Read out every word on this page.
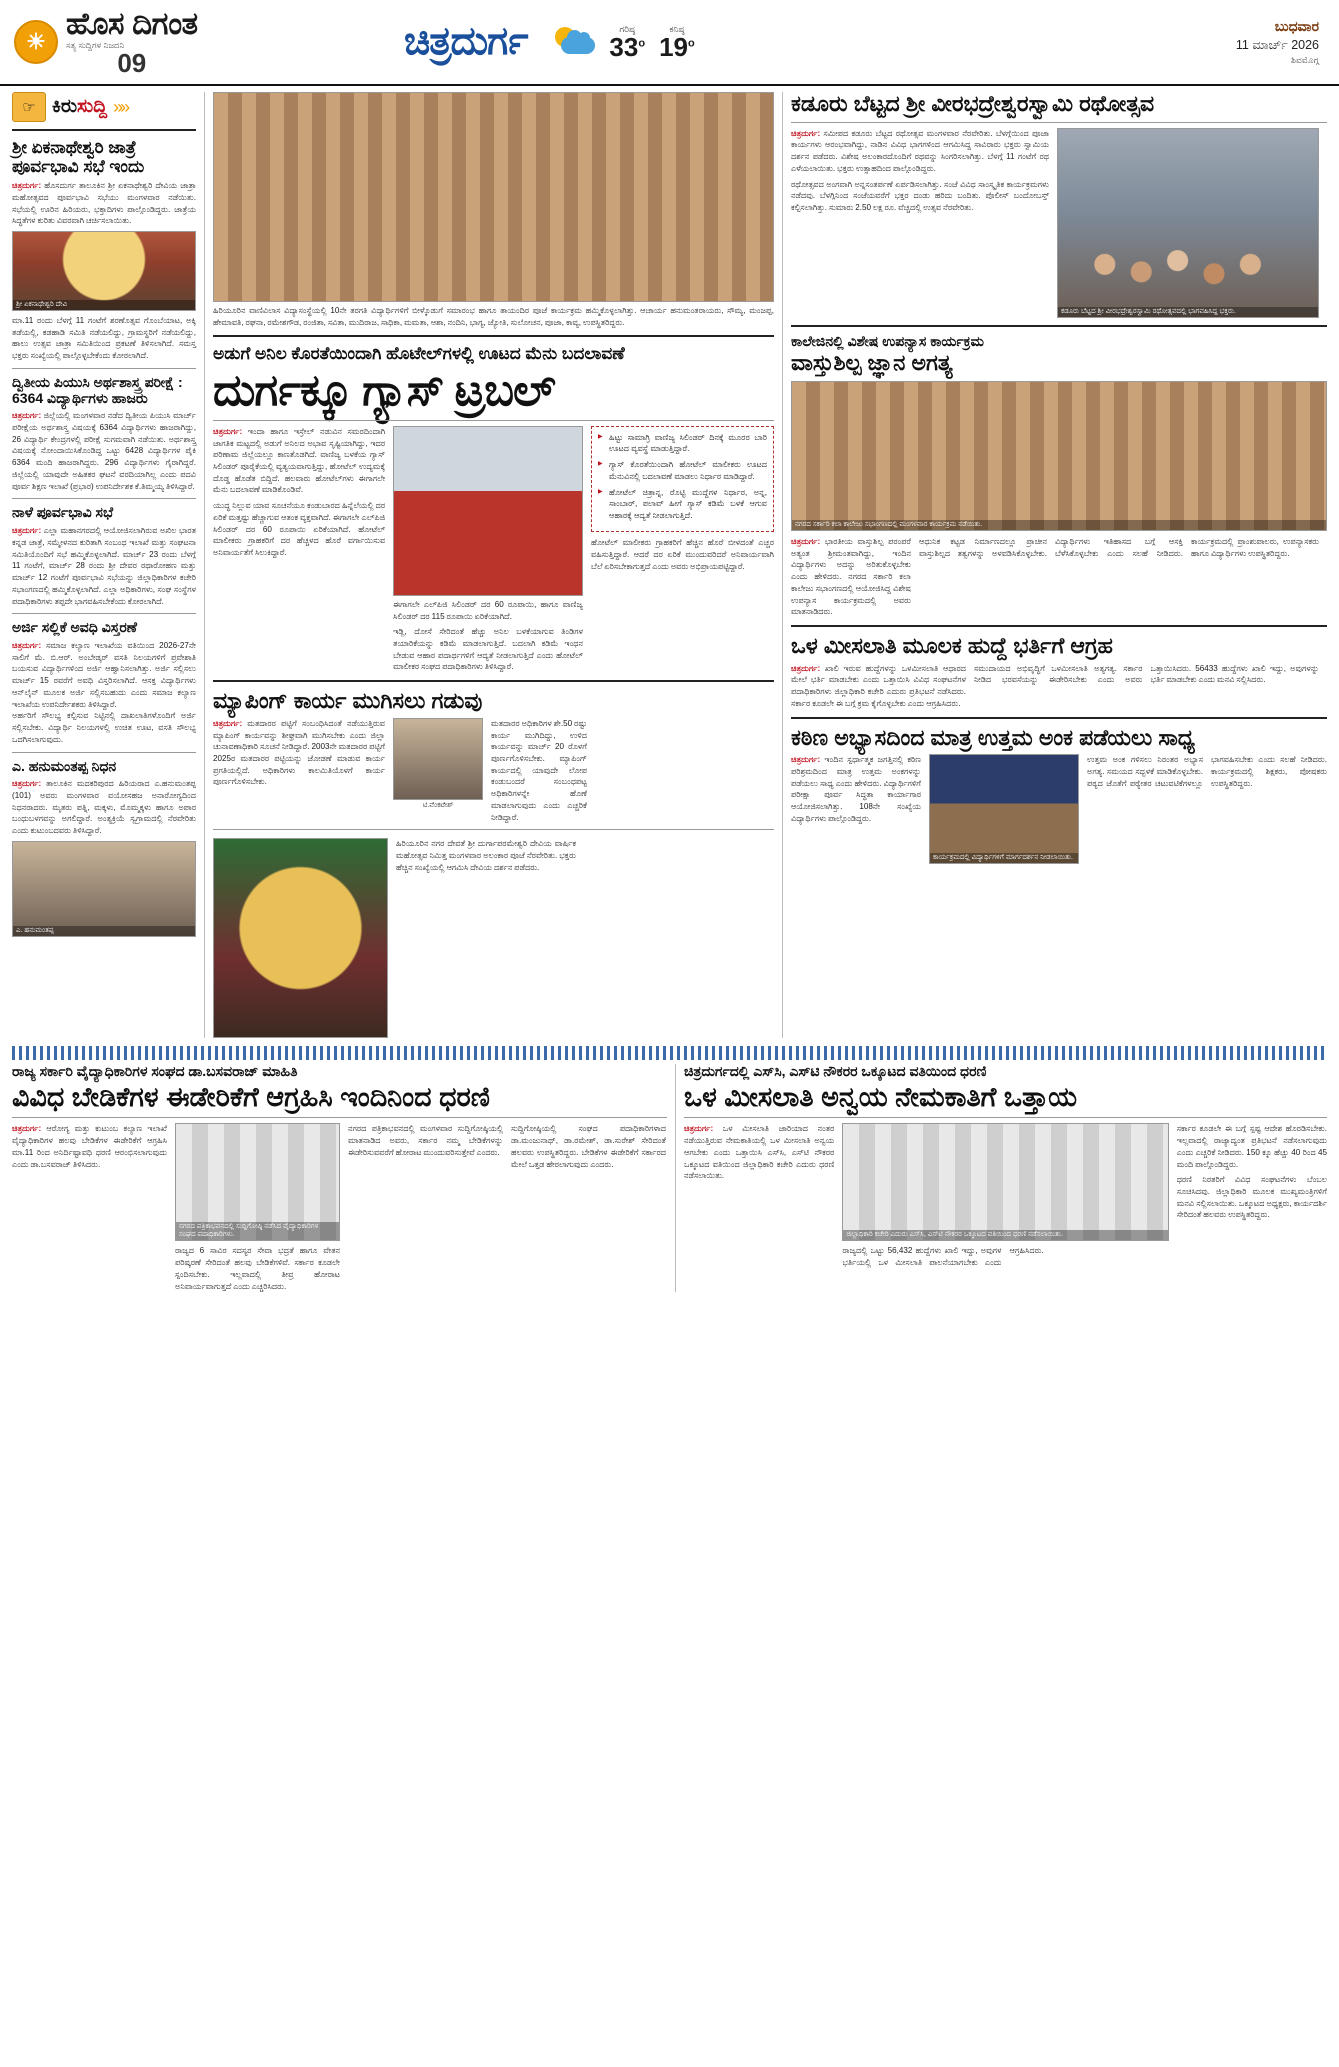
☀
ಹೊಸ ದಿಗಂತ
ಸತ್ಯ ಸುದ್ದಿಗಳ ನಿಜದನಿ
09	ಚಿತ್ರದುರ್ಗ	ಗರಿಷ್ಠ
33$^o$
ಕನಿಷ್ಠ
19$^o$
ಬುಧವಾರ
11 ಮಾರ್ಚ್ 2026
ಶಿವಮೊಗ್ಗ
☞ ಕಿರುಸುದ್ದಿ »»
ಶ್ರೀ ಏಕನಾಥೇಶ್ವರಿ ಜಾತ್ರೆ ಪೂರ್ವಭಾವಿ ಸಭೆ ಇಂದು
ಚಿತ್ರದುರ್ಗ: ಹೊಸದುರ್ಗ ತಾಲೂಕಿನ ಶ್ರೀ ಏಕನಾಥೇಶ್ವರಿ ದೇವಿಯ ಜಾತ್ರಾ ಮಹೋತ್ಸವದ ಪೂರ್ವಭಾವಿ ಸಭೆಯು ಮಂಗಳವಾರ ನಡೆಯಿತು. ಸಭೆಯಲ್ಲಿ ಊರಿನ ಹಿರಿಯರು, ಭಕ್ತಾದಿಗಳು ಪಾಲ್ಗೊಂಡಿದ್ದರು. ಜಾತ್ರೆಯ ಸಿದ್ಧತೆಗಳ ಕುರಿತು ವಿವರವಾಗಿ ಚರ್ಚಿಸಲಾಯಿತು.
ಶ್ರೀ ಏಕನಾಥೇಶ್ವರಿ ದೇವಿ
ಮಾ.11 ರಂದು ಬೆಳಗ್ಗೆ 11 ಗಂಟೆಗೆ ಶರಣೊತ್ಸವ ಗೊಂಬೆಯಾಟ, ಅಕ್ಕಿ ತಡೆಯಲ್ಲಿ, ಕಡಹಾಡಿ ಸಮಿತಿ ನಡೆಯಲಿದ್ದು, ಗ್ರಾಮಸ್ಥರಿಗೆ ನಡೆಯಲಿದ್ದು, ಹಾಲು ಉತ್ಸವ ಜಾತ್ರಾ ಸಮಿತಿಯಿಂದ ಪ್ರಕಟಣೆ ತಿಳಿಸಲಾಗಿದೆ. ಸಮಸ್ತ ಭಕ್ತರು ಸಂಖ್ಯೆಯಲ್ಲಿ ಪಾಲ್ಗೊಳ್ಳಬೇಕೆಂದು ಕೋರಲಾಗಿದೆ.
ದ್ವಿತೀಯ ಪಿಯುಸಿ ಅರ್ಥಶಾಸ್ತ್ರ ಪರೀಕ್ಷೆ : 6364 ವಿದ್ಯಾರ್ಥಿಗಳು ಹಾಜರು
ಚಿತ್ರದುರ್ಗ: ಜಿಲ್ಲೆಯಲ್ಲಿ ಮಂಗಳವಾರ ನಡೆದ ದ್ವಿತೀಯ ಪಿಯುಸಿ ಮಾರ್ಚ್ ಪರೀಕ್ಷೆಯ ಅರ್ಥಶಾಸ್ತ್ರ ವಿಷಯಕ್ಕೆ 6364 ವಿದ್ಯಾರ್ಥಿಗಳು ಹಾಜರಾಗಿದ್ದು, 26 ವಿದ್ಯಾರ್ಥಿ ಕೇಂದ್ರಗಳಲ್ಲಿ ಪರೀಕ್ಷೆ ಸುಗಮವಾಗಿ ನಡೆಯಿತು. ಅರ್ಥಶಾಸ್ತ್ರ ವಿಷಯಕ್ಕೆ ನೋಂದಾಯಿಸಿಕೊಂಡಿದ್ದ ಒಟ್ಟು 6428 ವಿದ್ಯಾರ್ಥಿಗಳ ಪೈಕಿ 6364 ಮಂದಿ ಹಾಜರಾಗಿದ್ದರು. 296 ವಿದ್ಯಾರ್ಥಿಗಳು ಗೈರಾಗಿದ್ದರೆ. ಜಿಲ್ಲೆಯಲ್ಲಿ ಯಾವುದೇ ಅಹಿತಕರ ಘಟನೆ ವರದಿಯಾಗಿಲ್ಲ ಎಂದು ಪದವಿ ಪೂರ್ವ ಶಿಕ್ಷಣ ಇಲಾಖೆ (ಪ್ರಭಾರ) ಉಪನಿರ್ದೇಶಕ ಕೆ.ತಿಮ್ಮಯ್ಯ ತಿಳಿಸಿದ್ದಾರೆ.
ನಾಳೆ ಪೂರ್ವಭಾವಿ ಸಭೆ
ಚಿತ್ರದುರ್ಗ: ಎಲ್ಲಾ ಮಹಾನಗರದಲ್ಲಿ ಆಯೋಜಿಸಲಾಗಿರುವ ಅಖಿಲ ಭಾರತ ಕನ್ನಡ ಜಾತ್ರೆ, ಸಮ್ಮೇಳನದ ಕುರಿತಾಗಿ ಸಂಬಂಧ ಇಲಾಖೆ ಮತ್ತು ಸಂಘಟನಾ ಸಮಿತಿಯೊಂದಿಗೆ ಸಭೆ ಹಮ್ಮಿಕೊಳ್ಳಲಾಗಿದೆ. ಮಾರ್ಚ್ 23 ರಂದು ಬೆಳಗ್ಗೆ 11 ಗಂಟೆಗೆ, ಮಾರ್ಚ್ 28 ರಂದು ಶ್ರೀ ದೇವರ ರಥಾರೋಹಣ ಮತ್ತು ಮಾರ್ಚ್ 12 ಗಂಟೆಗೆ ಪೂರ್ವಭಾವಿ ಸಭೆಯನ್ನು ಜಿಲ್ಲಾಧಿಕಾರಿಗಳ ಕಚೇರಿ ಸಭಾಂಗಣದಲ್ಲಿ ಹಮ್ಮಿಕೊಳ್ಳಲಾಗಿದೆ. ಎಲ್ಲಾ ಅಧಿಕಾರಿಗಳು, ಸಂಘ ಸಂಸ್ಥೆಗಳ ಪದಾಧಿಕಾರಿಗಳು ತಪ್ಪದೇ ಭಾಗವಹಿಸಬೇಕೆಂದು ಕೋರಲಾಗಿದೆ.
ಅರ್ಜಿ ಸಲ್ಲಿಕೆ ಅವಧಿ ವಿಸ್ತರಣೆ
ಚಿತ್ರದುರ್ಗ: ಸಮಾಜ ಕಲ್ಯಾಣ ಇಲಾಖೆಯ ವತಿಯಿಂದ 2026-27ನೇ ಸಾಲಿಗೆ ಮೆ. ಬಿ.ಆರ್. ಅಂಬೇಡ್ಕರ್ ವಸತಿ ನಿಲಯಗಳಿಗೆ ಪ್ರವೇಶಾತಿ ಬಯಸುವ ವಿದ್ಯಾರ್ಥಿಗಳಿಂದ ಅರ್ಜಿ ಆಹ್ವಾನಿಸಲಾಗಿತ್ತು. ಅರ್ಜಿ ಸಲ್ಲಿಸಲು ಮಾರ್ಚ್ 15 ರವರೆಗೆ ಅವಧಿ ವಿಸ್ತರಿಸಲಾಗಿದೆ. ಆಸಕ್ತ ವಿದ್ಯಾರ್ಥಿಗಳು ಆನ್‌ಲೈನ್ ಮೂಲಕ ಅರ್ಜಿ ಸಲ್ಲಿಸಬಹುದು ಎಂದು ಸಮಾಜ ಕಲ್ಯಾಣ ಇಲಾಖೆಯ ಉಪನಿರ್ದೇಶಕರು ತಿಳಿಸಿದ್ದಾರೆ.
ಅರ್ಹರಿಗೆ ಸೌಲಭ್ಯ ಕಲ್ಪಿಸುವ ನಿಟ್ಟಿನಲ್ಲಿ ದಾಖಲಾತಿಗಳೊಂದಿಗೆ ಅರ್ಜಿ ಸಲ್ಲಿಸಬೇಕು. ವಿದ್ಯಾರ್ಥಿ ನಿಲಯಗಳಲ್ಲಿ ಉಚಿತ ಊಟ, ವಸತಿ ಸೌಲಭ್ಯ ಒದಗಿಸಲಾಗುವುದು.
ಎ. ಹನುಮಂತಪ್ಪ ನಿಧನ
ಚಿತ್ರದುರ್ಗ: ತಾಲೂಕಿನ ಮದಕರಿಪುರದ ಹಿರಿಯರಾದ ಎ.ಹನುಮಂತಪ್ಪ (101) ಅವರು ಮಂಗಳವಾರ ವಯೋಸಹಜ ಅನಾರೋಗ್ಯದಿಂದ ನಿಧನರಾದರು. ಮೃತರು ಪತ್ನಿ, ಮಕ್ಕಳು, ಮೊಮ್ಮಕ್ಕಳು ಹಾಗೂ ಅಪಾರ ಬಂಧುಬಳಗವನ್ನು ಅಗಲಿದ್ದಾರೆ. ಅಂತ್ಯಕ್ರಿಯೆ ಸ್ವಗ್ರಾಮದಲ್ಲಿ ನೆರವೇರಿತು ಎಂದು ಕುಟುಂಬದವರು ತಿಳಿಸಿದ್ದಾರೆ.
ಎ. ಹನುಮಂತಪ್ಪ
ಹಿರಿಯೂರಿನ ವಾಣಿವಿಲಾಸ ವಿದ್ಯಾಸಂಸ್ಥೆಯಲ್ಲಿ 10ನೇ ತರಗತಿ ವಿದ್ಯಾರ್ಥಿಗಳಿಗೆ ಬೀಳ್ಕೊಡುಗೆ ಸಮಾರಂಭ ಹಾಗೂ ತಾಯಂದಿರ ಪೂಜೆ ಕಾರ್ಯಕ್ರಮ ಹಮ್ಮಿಕೊಳ್ಳಲಾಗಿತ್ತು. ಆಚಾರ್ಯ ಹನುಮಂತರಾಯರು, ಸೌಮ್ಯ, ಮಂಜಪ್ಪ, ಹೇಮಾವತಿ, ರಘನಾ, ರಮೇಶಗೌಡ, ರಂಜಿತಾ, ಸವಿತಾ, ಮುದಿರಾಜ, ಸಾಧಿಕಾ, ಮಮತಾ, ಆಶಾ, ನಂದಿನಿ, ಭಾಗ್ಯ, ಜ್ಯೋತಿ, ಸುಲೋಚನ, ಪೂಜಾ, ಕಾವ್ಯ, ಉಪಸ್ಥಿತರಿದ್ದರು.
ಅಡುಗೆ ಅನಿಲ ಕೊರತೆಯಿಂದಾಗಿ ಹೊಟೇಲ್‌ಗಳಲ್ಲಿ ಊಟದ ಮೆನು ಬದಲಾವಣೆ
ದುರ್ಗಕ್ಕೂ ಗ್ಯಾಸ್ ಟ್ರಬಲ್
ಚಿತ್ರದುರ್ಗ: ಇಂದಾ ಹಾಗೂ ಇಸ್ರೇಲ್ ನಡುವಿನ ಸಮರದಿಂದಾಗಿ ಜಾಗತಿಕ ಮಟ್ಟದಲ್ಲಿ ಅಡುಗೆ ಅನಿಲದ ಅಭಾವ ಸೃಷ್ಟಿಯಾಗಿದ್ದು, ಇದರ ಪರಿಣಾಮ ಜಿಲ್ಲೆಯಲ್ಲೂ ಕಾಣತೊಡಗಿದೆ. ವಾಣಿಜ್ಯ ಬಳಕೆಯ ಗ್ಯಾಸ್ ಸಿಲಿಂಡರ್ ಪೂರೈಕೆಯಲ್ಲಿ ವ್ಯತ್ಯಯವಾಗುತ್ತಿದ್ದು, ಹೋಟೆಲ್ ಉದ್ಯಮಕ್ಕೆ ದೊಡ್ಡ ಹೊಡೆತ ಬಿದ್ದಿದೆ. ಹಲವಾರು ಹೋಟೆಲ್‌ಗಳು ಈಗಾಗಲೇ ಮೆನು ಬದಲಾವಣೆ ಮಾಡಿಕೊಂಡಿವೆ.
ಯುದ್ಧ ನಿಲ್ಲುವ ಯಾವ ಸೂಚನೆಯೂ ಕಂಡುಬಾರದ ಹಿನ್ನೆಲೆಯಲ್ಲಿ ದರ ಏರಿಕೆ ಮತ್ತಷ್ಟು ಹೆಚ್ಚಾಗುವ ಆತಂಕ ವ್ಯಕ್ತವಾಗಿದೆ. ಈಗಾಗಲೇ ಎಲ್‌ಪಿಜಿ ಸಿಲಿಂಡರ್ ದರ 60 ರೂಪಾಯಿ ಏರಿಕೆಯಾಗಿದೆ. ಹೋಟೆಲ್ ಮಾಲೀಕರು ಗ್ರಾಹಕರಿಗೆ ದರ ಹೆಚ್ಚಳದ ಹೊರೆ ವರ್ಗಾಯಿಸುವ ಅನಿವಾರ್ಯತೆಗೆ ಸಿಲುಕಿದ್ದಾರೆ.
ಈಗಾಗಲೇ ಎಲ್‌ಪಿಜಿ ಸಿಲಿಂಡರ್ ದರ 60 ರೂಪಾಯಿ, ಹಾಗೂ ವಾಣಿಜ್ಯ ಸಿಲಿಂಡರ್ ದರ 115 ರೂಪಾಯಿ ಏರಿಕೆಯಾಗಿದೆ.
ಇಡ್ಲಿ, ದೋಸೆ ಸೇರಿದಂತೆ ಹೆಚ್ಚು ಅನಿಲ ಬಳಕೆಯಾಗುವ ತಿಂಡಿಗಳ ತಯಾರಿಕೆಯನ್ನು ಕಡಿಮೆ ಮಾಡಲಾಗುತ್ತಿದೆ. ಬದಲಾಗಿ ಕಡಿಮೆ ಇಂಧನ ಬೇಡುವ ಆಹಾರ ಪದಾರ್ಥಗಳಿಗೆ ಆದ್ಯತೆ ನೀಡಲಾಗುತ್ತಿದೆ ಎಂದು ಹೋಟೆಲ್ ಮಾಲೀಕರ ಸಂಘದ ಪದಾಧಿಕಾರಿಗಳು ತಿಳಿಸಿದ್ದಾರೆ.
▶ ಹಿಟ್ಟು ಸಾಮಾಗ್ರಿ ವಾಣಿಜ್ಯ ಸಿಲಿಂಡರ್ ದಿನಕ್ಕೆ ಮೂರರ ಬಾರಿ ಊಟದ ವ್ಯವಸ್ಥೆ ಮಾಡುತ್ತಿದ್ದಾರೆ.
▶ ಗ್ಯಾಸ್ ಕೊರತೆಯಿಂದಾಗಿ ಹೋಟೆಲ್ ಮಾಲೀಕರು ಊಟದ ಮೆನುವಿನಲ್ಲಿ ಬದಲಾವಣೆ ಮಾಡಲು ನಿರ್ಧಾರ ಮಾಡಿದ್ದಾರೆ.
▶ ಹೋಟೆಲ್ ಚಿತ್ರಾನ್ನ, ರೊಟ್ಟಿ ಮುದ್ದೆಗಳ ನಿರ್ಧಾರ, ಅನ್ನ, ಸಾಂಬಾರ್, ಪಲಾವ್ ಹೀಗೆ ಗ್ಯಾಸ್ ಕಡಿಮೆ ಬಳಕೆ ಆಗುವ ಆಹಾರಕ್ಕೆ ಆದ್ಯತೆ ನೀಡಲಾಗುತ್ತಿದೆ.
ಹೋಟೆಲ್ ಮಾಲೀಕರು ಗ್ರಾಹಕರಿಗೆ ಹೆಚ್ಚಿನ ಹೊರೆ ಬೀಳದಂತೆ ಎಚ್ಚರ ವಹಿಸುತ್ತಿದ್ದಾರೆ. ಆದರೆ ದರ ಏರಿಕೆ ಮುಂದುವರಿದರೆ ಅನಿವಾರ್ಯವಾಗಿ ಬೆಲೆ ಏರಿಸಬೇಕಾಗುತ್ತದೆ ಎಂದು ಅವರು ಅಭಿಪ್ರಾಯಪಟ್ಟಿದ್ದಾರೆ.
ಮ್ಯಾಪಿಂಗ್ ಕಾರ್ಯ ಮುಗಿಸಲು ಗಡುವು
ಚಿತ್ರದುರ್ಗ: ಮತದಾರರ ಪಟ್ಟಿಗೆ ಸಂಬಂಧಿಸಿದಂತೆ ನಡೆಯುತ್ತಿರುವ ಮ್ಯಾಪಿಂಗ್ ಕಾರ್ಯವನ್ನು ಶೀಘ್ರವಾಗಿ ಮುಗಿಸಬೇಕು ಎಂದು ಜಿಲ್ಲಾ ಚುನಾವಣಾಧಿಕಾರಿ ಸೂಚನೆ ನೀಡಿದ್ದಾರೆ. 2003ನೇ ಮತದಾರರ ಪಟ್ಟಿಗೆ 2025ರ ಮತದಾರರ ಪಟ್ಟಿಯನ್ನು ಜೋಡಣೆ ಮಾಡುವ ಕಾರ್ಯ ಪ್ರಗತಿಯಲ್ಲಿದೆ. ಅಧಿಕಾರಿಗಳು ಕಾಲಮಿತಿಯೊಳಗೆ ಕಾರ್ಯ ಪೂರ್ಣಗೊಳಿಸಬೇಕು.
ಟಿ.ವೆಂಕಟೇಶ್
ಮತದಾರರ ಅಧಿಕಾರಿಗಳ ಶೇ.50 ರಷ್ಟು ಕಾರ್ಯ ಮುಗಿದಿದ್ದು, ಉಳಿದ ಕಾರ್ಯವನ್ನು ಮಾರ್ಚ್ 20 ರೊಳಗೆ ಪೂರ್ಣಗೊಳಿಸಬೇಕು. ಮ್ಯಾಪಿಂಗ್ ಕಾರ್ಯದಲ್ಲಿ ಯಾವುದೇ ಲೋಪ ಕಂಡುಬಂದರೆ ಸಂಬಂಧಪಟ್ಟ ಅಧಿಕಾರಿಗಳನ್ನೇ ಹೊಣೆ ಮಾಡಲಾಗುವುದು ಎಂದು ಎಚ್ಚರಿಕೆ ನೀಡಿದ್ದಾರೆ.
ಹಿರಿಯೂರಿನ ನಗರ ದೇವತೆ ಶ್ರೀ ದುರ್ಗಾಪರಮೇಶ್ವರಿ ದೇವಿಯ ವಾರ್ಷಿಕ ಮಹೋತ್ಸವ ನಿಮಿತ್ತ ಮಂಗಳವಾರ ಅಲಂಕಾರ ಪೂಜೆ ನೆರವೇರಿತು. ಭಕ್ತರು ಹೆಚ್ಚಿನ ಸಂಖ್ಯೆಯಲ್ಲಿ ಆಗಮಿಸಿ ದೇವಿಯ ದರ್ಶನ ಪಡೆದರು.
ಕಡೂರು ಬೆಟ್ಟದ ಶ್ರೀ ವೀರಭದ್ರೇಶ್ವರಸ್ವಾಮಿ ರಥೋತ್ಸವ
ಚಿತ್ರದುರ್ಗ: ಸಮೀಪದ ಕಡೂರು ಬೆಟ್ಟದ ರಥೋತ್ಸವ ಮಂಗಳವಾರ ನೆರವೇರಿತು. ಬೆಳಗ್ಗೆಯಿಂದ ಪೂಜಾ ಕಾರ್ಯಗಳು ಆರಂಭವಾಗಿದ್ದು, ನಾಡಿನ ವಿವಿಧ ಭಾಗಗಳಿಂದ ಆಗಮಿಸಿದ್ದ ಸಾವಿರಾರು ಭಕ್ತರು ಸ್ವಾಮಿಯ ದರ್ಶನ ಪಡೆದರು. ವಿಶೇಷ ಅಲಂಕಾರದೊಂದಿಗೆ ರಥವನ್ನು ಸಿಂಗರಿಸಲಾಗಿತ್ತು. ಬೆಳಗ್ಗೆ 11 ಗಂಟೆಗೆ ರಥ ಎಳೆಯಲಾಯಿತು. ಭಕ್ತರು ಉತ್ಸಾಹದಿಂದ ಪಾಲ್ಗೊಂಡಿದ್ದರು.
ರಥೋತ್ಸವದ ಅಂಗವಾಗಿ ಅನ್ನಸಂತರ್ಪಣೆ ಏರ್ಪಡಿಸಲಾಗಿತ್ತು. ಸಂಜೆ ವಿವಿಧ ಸಾಂಸ್ಕೃತಿಕ ಕಾರ್ಯಕ್ರಮಗಳು ನಡೆದವು. ಬೆಳಗ್ಗಿನಿಂದ ಸಂಜೆಯವರೆಗೆ ಭಕ್ತರ ದಂಡು ಹರಿದು ಬಂದಿತು. ಪೊಲೀಸ್ ಬಂದೋಬಸ್ತ್ ಕಲ್ಪಿಸಲಾಗಿತ್ತು. ಸುಮಾರು 2.50 ಲಕ್ಷ ರೂ. ವೆಚ್ಚದಲ್ಲಿ ಉತ್ಸವ ನೆರವೇರಿತು.
ಕಡೂರು ಬೆಟ್ಟದ ಶ್ರೀ ವೀರಭದ್ರೇಶ್ವರಸ್ವಾಮಿ ರಥೋತ್ಸವದಲ್ಲಿ ಭಾಗವಹಿಸಿದ್ದ ಭಕ್ತರು.
ಕಾಲೇಜಿನಲ್ಲಿ ವಿಶೇಷ ಉಪನ್ಯಾಸ ಕಾರ್ಯಕ್ರಮ
ವಾಸ್ತುಶಿಲ್ಪ ಜ್ಞಾನ ಅಗತ್ಯ
ನಗರದ ಸರ್ಕಾರಿ ಕಲಾ ಕಾಲೇಜು ಸಭಾಂಗಣದಲ್ಲಿ ಮಂಗಳವಾರ ಕಾರ್ಯಕ್ರಮ ನಡೆಯಿತು.
ಚಿತ್ರದುರ್ಗ: ಭಾರತೀಯ ವಾಸ್ತುಶಿಲ್ಪ ಪರಂಪರೆ ಅತ್ಯಂತ ಶ್ರೀಮಂತವಾಗಿದ್ದು, ಇಂದಿನ ವಿದ್ಯಾರ್ಥಿಗಳು ಅದನ್ನು ಅರಿತುಕೊಳ್ಳಬೇಕು ಎಂದು ಹೇಳಿದರು. ನಗರದ ಸರ್ಕಾರಿ ಕಲಾ ಕಾಲೇಜು ಸಭಾಂಗಣದಲ್ಲಿ ಆಯೋಜಿಸಿದ್ದ ವಿಶೇಷ ಉಪನ್ಯಾಸ ಕಾರ್ಯಕ್ರಮದಲ್ಲಿ ಅವರು ಮಾತನಾಡಿದರು.
ಆಧುನಿಕ ಕಟ್ಟಡ ನಿರ್ಮಾಣದಲ್ಲೂ ಪ್ರಾಚೀನ ವಾಸ್ತುಶಿಲ್ಪದ ತತ್ವಗಳನ್ನು ಅಳವಡಿಸಿಕೊಳ್ಳಬೇಕು. ವಿದ್ಯಾರ್ಥಿಗಳು ಇತಿಹಾಸದ ಬಗ್ಗೆ ಆಸಕ್ತಿ ಬೆಳೆಸಿಕೊಳ್ಳಬೇಕು ಎಂದು ಸಲಹೆ ನೀಡಿದರು. ಕಾರ್ಯಕ್ರಮದಲ್ಲಿ ಪ್ರಾಂಶುಪಾಲರು, ಉಪನ್ಯಾಸಕರು ಹಾಗೂ ವಿದ್ಯಾರ್ಥಿಗಳು ಉಪಸ್ಥಿತರಿದ್ದರು.
ಒಳ ಮೀಸಲಾತಿ ಮೂಲಕ ಹುದ್ದೆ ಭರ್ತಿಗೆ ಆಗ್ರಹ
ಚಿತ್ರದುರ್ಗ: ಖಾಲಿ ಇರುವ ಹುದ್ದೆಗಳನ್ನು ಒಳಮೀಸಲಾತಿ ಆಧಾರದ ಮೇಲೆ ಭರ್ತಿ ಮಾಡಬೇಕು ಎಂದು ಒತ್ತಾಯಿಸಿ ವಿವಿಧ ಸಂಘಟನೆಗಳ ಪದಾಧಿಕಾರಿಗಳು ಜಿಲ್ಲಾಧಿಕಾರಿ ಕಚೇರಿ ಎದುರು ಪ್ರತಿಭಟನೆ ನಡೆಸಿದರು. ಸರ್ಕಾರ ಕೂಡಲೇ ಈ ಬಗ್ಗೆ ಕ್ರಮ ಕೈಗೊಳ್ಳಬೇಕು ಎಂದು ಆಗ್ರಹಿಸಿದರು.
ಸಮುದಾಯದ ಅಭಿವೃದ್ಧಿಗೆ ಒಳಮೀಸಲಾತಿ ಅತ್ಯಗತ್ಯ. ಸರ್ಕಾರ ನೀಡಿದ ಭರವಸೆಯನ್ನು ಈಡೇರಿಸಬೇಕು ಎಂದು ಅವರು ಒತ್ತಾಯಿಸಿದರು. 56433 ಹುದ್ದೆಗಳು ಖಾಲಿ ಇದ್ದು, ಅವುಗಳನ್ನು ಭರ್ತಿ ಮಾಡಬೇಕು ಎಂದು ಮನವಿ ಸಲ್ಲಿಸಿದರು.
ಕಠಿಣ ಅಭ್ಯಾಸದಿಂದ ಮಾತ್ರ ಉತ್ತಮ ಅಂಕ ಪಡೆಯಲು ಸಾಧ್ಯ
ಚಿತ್ರದುರ್ಗ: ಇಂದಿನ ಸ್ಪರ್ಧಾತ್ಮಕ ಜಗತ್ತಿನಲ್ಲಿ ಕಠಿಣ ಪರಿಶ್ರಮದಿಂದ ಮಾತ್ರ ಉತ್ತಮ ಅಂಕಗಳನ್ನು ಪಡೆಯಲು ಸಾಧ್ಯ ಎಂದು ಹೇಳಿದರು. ವಿದ್ಯಾರ್ಥಿಗಳಿಗೆ ಪರೀಕ್ಷಾ ಪೂರ್ವ ಸಿದ್ಧತಾ ಕಾರ್ಯಾಗಾರ ಆಯೋಜಿಸಲಾಗಿತ್ತು. 108ನೇ ಸಂಖ್ಯೆಯ ವಿದ್ಯಾರ್ಥಿಗಳು ಪಾಲ್ಗೊಂಡಿದ್ದರು.
ಕಾರ್ಯಕ್ರಮದಲ್ಲಿ ವಿದ್ಯಾರ್ಥಿಗಳಿಗೆ ಮಾರ್ಗದರ್ಶನ ನೀಡಲಾಯಿತು.
ಉತ್ತಮ ಅಂಕ ಗಳಿಸಲು ನಿರಂತರ ಅಭ್ಯಾಸ ಅಗತ್ಯ. ಸಮಯದ ಸದ್ಬಳಕೆ ಮಾಡಿಕೊಳ್ಳಬೇಕು. ಪಠ್ಯದ ಜೊತೆಗೆ ಪಠ್ಯೇತರ ಚಟುವಟಿಕೆಗಳಲ್ಲೂ ಭಾಗವಹಿಸಬೇಕು ಎಂದು ಸಲಹೆ ನೀಡಿದರು. ಕಾರ್ಯಕ್ರಮದಲ್ಲಿ ಶಿಕ್ಷಕರು, ಪೋಷಕರು ಉಪಸ್ಥಿತರಿದ್ದರು.
ರಾಜ್ಯ ಸರ್ಕಾರಿ ವೈದ್ಯಾಧಿಕಾರಿಗಳ ಸಂಘದ ಡಾ.ಬಸವರಾಜ್ ಮಾಹಿತಿ
ವಿವಿಧ ಬೇಡಿಕೆಗಳ ಈಡೇರಿಕೆಗೆ ಆಗ್ರಹಿಸಿ ಇಂದಿನಿಂದ ಧರಣಿ
ಚಿತ್ರದುರ್ಗ: ಆರೋಗ್ಯ ಮತ್ತು ಕುಟುಂಬ ಕಲ್ಯಾಣ ಇಲಾಖೆ ವೈದ್ಯಾಧಿಕಾರಿಗಳ ಹಲವು ಬೇಡಿಕೆಗಳ ಈಡೇರಿಕೆಗೆ ಆಗ್ರಹಿಸಿ ಮಾ.11 ರಿಂದ ಅನಿರ್ದಿಷ್ಟಾವಧಿ ಧರಣಿ ಆರಂಭಿಸಲಾಗುವುದು ಎಂದು ಡಾ.ಬಸವರಾಜ್ ತಿಳಿಸಿದರು.
ನಗರದ ಪತ್ರಿಕಾಭವನದಲ್ಲಿ ಸುದ್ದಿಗೋಷ್ಠಿ ನಡೆಸಿದ ವೈದ್ಯಾಧಿಕಾರಿಗಳ ಸಂಘದ ಪದಾಧಿಕಾರಿಗಳು.
ರಾಜ್ಯದ 6 ಸಾವಿರ ಸದಸ್ಯರ ಸೇವಾ ಭದ್ರತೆ ಹಾಗೂ ವೇತನ ಪರಿಷ್ಕರಣೆ ಸೇರಿದಂತೆ ಹಲವು ಬೇಡಿಕೆಗಳಿವೆ. ಸರ್ಕಾರ ಕೂಡಲೇ ಸ್ಪಂದಿಸಬೇಕು. ಇಲ್ಲವಾದಲ್ಲಿ ತೀವ್ರ ಹೋರಾಟ ಅನಿವಾರ್ಯವಾಗುತ್ತದೆ ಎಂದು ಎಚ್ಚರಿಸಿದರು.
ನಗರದ ಪತ್ರಿಕಾಭವನದಲ್ಲಿ ಮಂಗಳವಾರ ಸುದ್ದಿಗೋಷ್ಠಿಯಲ್ಲಿ ಮಾತನಾಡಿದ ಅವರು, ಸರ್ಕಾರ ನಮ್ಮ ಬೇಡಿಕೆಗಳನ್ನು ಈಡೇರಿಸುವವರೆಗೆ ಹೋರಾಟ ಮುಂದುವರಿಸುತ್ತೇವೆ ಎಂದರು.
ಸುದ್ದಿಗೋಷ್ಠಿಯಲ್ಲಿ ಸಂಘದ ಪದಾಧಿಕಾರಿಗಳಾದ ಡಾ.ಮಂಜುನಾಥ್, ಡಾ.ರಮೇಶ್, ಡಾ.ಸುರೇಶ್ ಸೇರಿದಂತೆ ಹಲವರು ಉಪಸ್ಥಿತರಿದ್ದರು. ಬೇಡಿಕೆಗಳ ಈಡೇರಿಕೆಗೆ ಸರ್ಕಾರದ ಮೇಲೆ ಒತ್ತಡ ಹೇರಲಾಗುವುದು ಎಂದರು.
ಚಿತ್ರದುರ್ಗದಲ್ಲಿ ಎಸ್‌ಸಿ, ಎಸ್‌ಟಿ ನೌಕರರ ಒಕ್ಕೂಟದ ವತಿಯಿಂದ ಧರಣಿ
ಒಳ ಮೀಸಲಾತಿ ಅನ್ವಯ ನೇಮಕಾತಿಗೆ ಒತ್ತಾಯ
ಚಿತ್ರದುರ್ಗ: ಒಳ ಮೀಸಲಾತಿ ಜಾರಿಯಾದ ನಂತರ ನಡೆಯುತ್ತಿರುವ ನೇಮಕಾತಿಯಲ್ಲಿ ಒಳ ಮೀಸಲಾತಿ ಅನ್ವಯ ಆಗಬೇಕು ಎಂದು ಒತ್ತಾಯಿಸಿ ಎಸ್‌ಸಿ, ಎಸ್‌ಟಿ ನೌಕರರ ಒಕ್ಕೂಟದ ವತಿಯಿಂದ ಜಿಲ್ಲಾಧಿಕಾರಿ ಕಚೇರಿ ಎದುರು ಧರಣಿ ನಡೆಸಲಾಯಿತು.
ಜಿಲ್ಲಾಧಿಕಾರಿ ಕಚೇರಿ ಎದುರು ಎಸ್‌ಸಿ, ಎಸ್‌ಟಿ ನೌಕರರ ಒಕ್ಕೂಟದ ವತಿಯಿಂದ ಧರಣಿ ನಡೆಸಲಾಯಿತು.
ರಾಜ್ಯದಲ್ಲಿ ಒಟ್ಟು 56,432 ಹುದ್ದೆಗಳು ಖಾಲಿ ಇದ್ದು, ಅವುಗಳ ಭರ್ತಿಯಲ್ಲಿ ಒಳ ಮೀಸಲಾತಿ ಪಾಲನೆಯಾಗಬೇಕು ಎಂದು ಆಗ್ರಹಿಸಿದರು.
ಸರ್ಕಾರ ಕೂಡಲೇ ಈ ಬಗ್ಗೆ ಸ್ಪಷ್ಟ ಆದೇಶ ಹೊರಡಿಸಬೇಕು. ಇಲ್ಲವಾದಲ್ಲಿ ರಾಜ್ಯಾದ್ಯಂತ ಪ್ರತಿಭಟನೆ ನಡೆಸಲಾಗುವುದು ಎಂದು ಎಚ್ಚರಿಕೆ ನೀಡಿದರು. 150 ಕ್ಕೂ ಹೆಚ್ಚು 40 ರಿಂದ 45 ಮಂದಿ ಪಾಲ್ಗೊಂಡಿದ್ದರು.
ಧರಣಿ ನಿರತರಿಗೆ ವಿವಿಧ ಸಂಘಟನೆಗಳು ಬೆಂಬಲ ಸೂಚಿಸಿದವು. ಜಿಲ್ಲಾಧಿಕಾರಿ ಮೂಲಕ ಮುಖ್ಯಮಂತ್ರಿಗಳಿಗೆ ಮನವಿ ಸಲ್ಲಿಸಲಾಯಿತು. ಒಕ್ಕೂಟದ ಅಧ್ಯಕ್ಷರು, ಕಾರ್ಯದರ್ಶಿ ಸೇರಿದಂತೆ ಹಲವರು ಉಪಸ್ಥಿತರಿದ್ದರು.
